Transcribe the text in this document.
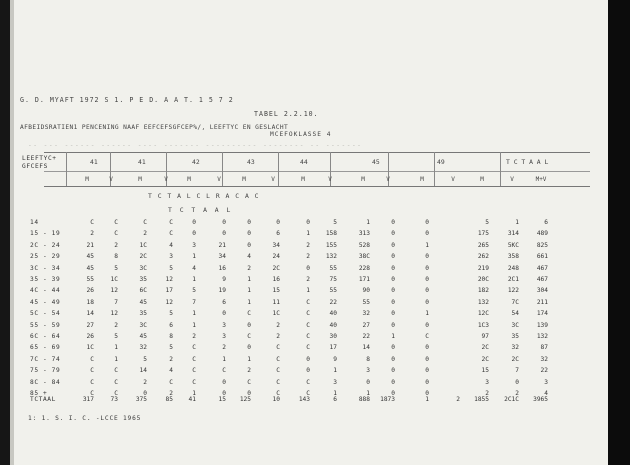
G. D. MYAFT 1972 S 1. P E D. A A T. 1 5 7 2
TABEL 2.2.10.
AFBEIDSRATIEN1 PENCENING NAAF EEFCEFSGFCEP%/, LEEFTYC EN GESLACHT
MCEFOKLASSE 4
-- --- ------ ------ ---- ------- ---------- -------- -- -------
LEEFTYC+
GFCEFS
41	41	42	43	44	45	49	T C T A A L
M	V	M	V	M	V	M	V	M	V	M	V	M	V	M	V	M+V
T C T A L C L R A C A C
T C T A A L
14	C	C	C	C	0	0	0	0	0	5	1	0	0	5	1	6
15 - 19	2	C	2	C	0	0	0	6	1	158	313	0	0	175	314	489
2C - 24	21	2	1C	4	3	21	0	34	2	155	528	0	1	265	5KC	825
25 - 29	45	8	2C	3	1	34	4	24	2	132	38C	0	0	262	358	661
3C - 34	45	5	3C	5	4	16	2	2C	0	55	228	0	0	219	248	467
35 - 39	55	1C	35	12	1	9	1	16	2	75	171	0	0	20C	2C1	467
4C - 44	26	12	6C	17	5	19	1	15	1	55	90	0	0	182	122	304
45 - 49	18	7	45	12	7	6	1	11	C	22	55	0	0	132	7C	211
5C - 54	14	12	35	5	1	0	C	1C	C	40	32	0	1	12C	54	174
55 - 59	27	2	3C	6	1	3	0	2	C	40	27	0	0	1C3	3C	139
6C - 64	26	5	45	8	2	3	C	2	C	30	22	1	C	97	35	132
65 - 69	1C	1	32	5	C	2	0	C	C	17	14	0	0	2C	32	87
7C - 74	C	1	5	2	C	1	1	C	0	9	8	0	0	2C	2C	32
75 - 79	C	C	14	4	C	C	2	C	0	1	3	0	0	15	7	22
8C - 84	C	C	2	C	C	0	C	C	C	3	0	0	0	3	0	3
85 +	C	C	0	2	1	0	0	C	C	1	1	0	0	2	2	4
TCTAAL	317	73	375	85	41	15	125	10	143	6	888	1873	1	2	1855	2C1C	3965
1: 1. S. I. C. -LCCE 1965
